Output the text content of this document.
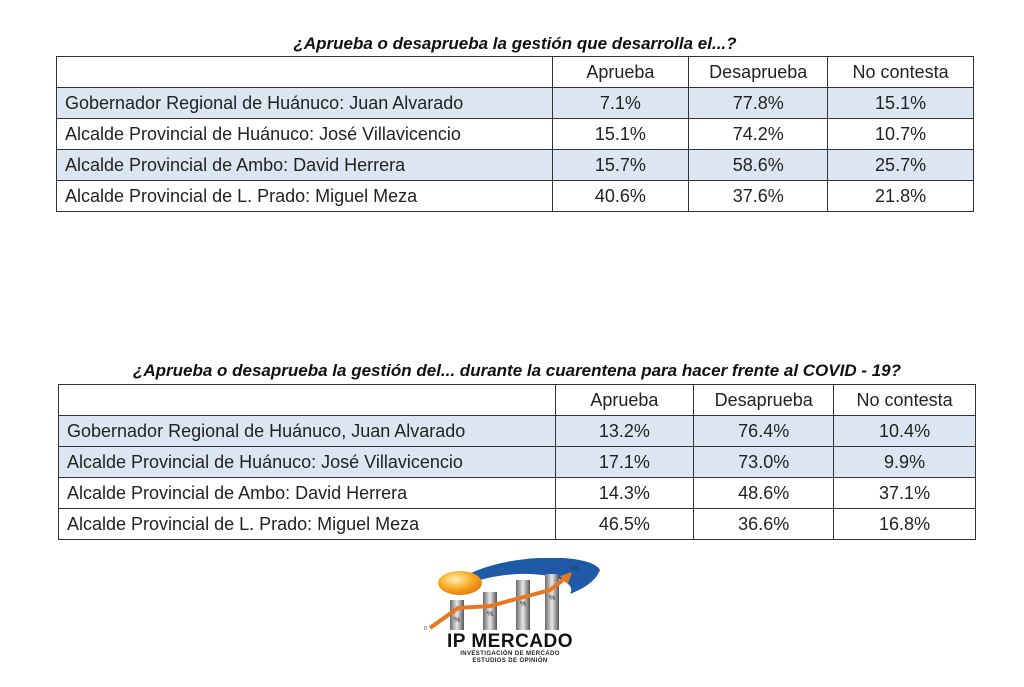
¿Aprueba o desaprueba la gestión que desarrolla el...?
	Aprueba	Desaprueba	No contesta
Gobernador Regional de Huánuco: Juan Alvarado	7.1%	77.8%	15.1%
Alcalde Provincial de Huánuco: José Villavicencio	15.1%	74.2%	10.7%
Alcalde Provincial de Ambo: David Herrera	15.7%	58.6%	25.7%
Alcalde Provincial de L. Prado: Miguel Meza	40.6%	37.6%	21.8%
¿Aprueba o desaprueba la gestión del... durante la cuarentena para hacer frente al COVID - 19?
	Aprueba	Desaprueba	No contesta
Gobernador Regional de Huánuco, Juan Alvarado	13.2%	76.4%	10.4%
Alcalde Provincial de Huánuco: José Villavicencio	17.1%	73.0%	9.9%
Alcalde Provincial de Ambo: David Herrera	14.3%	48.6%	37.1%
Alcalde Provincial de L. Prado: Miguel Meza	46.5%	36.6%	16.8%
%
%
%
%
0
100
IP MERCADO
INVESTIGACIÓN DE MERCADO
ESTUDIOS DE OPINIÓN
